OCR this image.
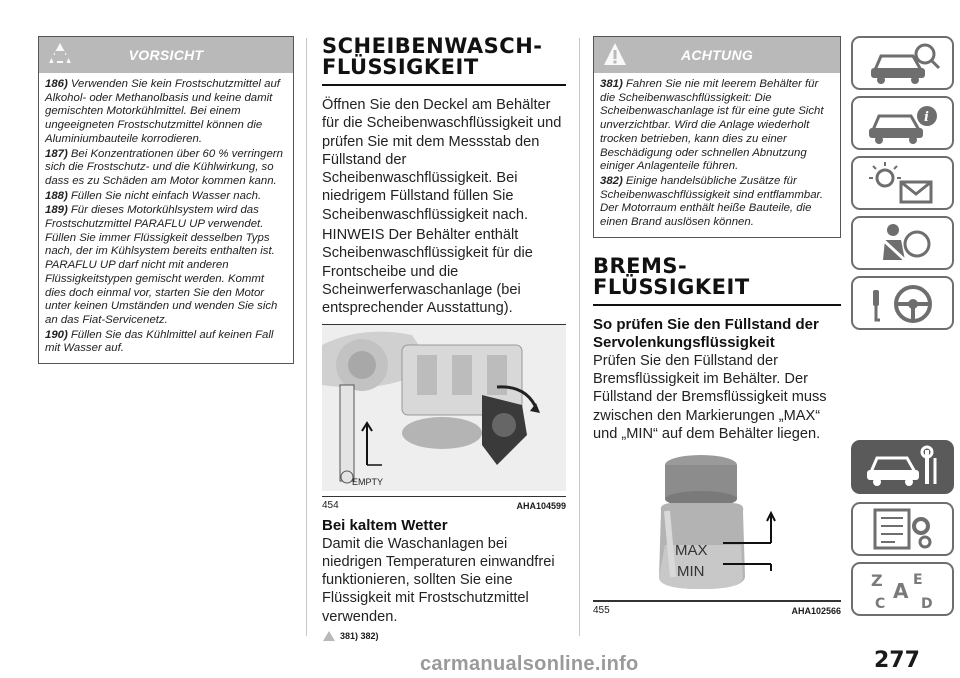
VORSICHT

186) Verwenden Sie kein Frostschutzmittel auf Alkohol- oder Methanolbasis und keine damit gemischten Motorkühlmittel. Bei einem ungeeigneten Frostschutzmittel können die Aluminiumbauteile korrodieren.

187) Bei Konzentrationen über 60 % verringern sich die Frostschutz- und die Kühlwirkung, so dass es zu Schäden am Motor kommen kann.

188) Füllen Sie nicht einfach Wasser nach.

189) Für dieses Motorkühlsystem wird das Frostschutzmittel PARAFLU UP verwendet. Füllen Sie immer Flüssigkeit desselben Typs nach, der im Kühlsystem bereits enthalten ist. PARAFLU UP darf nicht mit anderen Flüssigkeitstypen gemischt werden. Kommt dies doch einmal vor, starten Sie den Motor unter keinen Umständen und wenden Sie sich an das Fiat-Servicenetz.

190) Füllen Sie das Kühlmittel auf keinen Fall mit Wasser auf.

SCHEIBENWASCH-
FLÜSSIGKEIT

Öffnen Sie den Deckel am Behälter für die Scheibenwaschflüssigkeit und prüfen Sie mit dem Messstab den Füllstand der Scheibenwaschflüssigkeit. Bei niedrigem Füllstand füllen Sie Scheibenwaschflüssigkeit nach.

HINWEIS Der Behälter enthält Scheibenwaschflüssigkeit für die Frontscheibe und die Scheinwerferwaschanlage (bei entsprechender Ausstattung).

EMPTY
454	AHA104599
Bei kaltem Wetter
Damit die Waschanlagen bei niedrigen Temperaturen einwandfrei funktionieren, sollten Sie eine Flüssigkeit mit Frostschutzmittel verwenden.
381) 382)
ACHTUNG

381) Fahren Sie nie mit leerem Behälter für die Scheibenwaschflüssigkeit: Die Scheibenwaschanlage ist für eine gute Sicht unverzichtbar. Wird die Anlage wiederholt trocken betrieben, kann dies zu einer Beschädigung oder schnellen Abnutzung einiger Anlagenteile führen.

382) Einige handelsübliche Zusätze für Scheibenwaschflüssigkeit sind entflammbar. Der Motorraum enthält heiße Bauteile, die einen Brand auslösen können.

BREMS-
FLÜSSIGKEIT
So prüfen Sie den Füllstand der Servolenkungsflüssigkeit
Prüfen Sie den Füllstand der Bremsflüssigkeit im Behälter. Der Füllstand der Bremsflüssigkeit muss zwischen den Markierungen „MAX“ und „MIN“ auf dem Behälter liegen.
MAX
MIN
455	AHA102566
i
Z E
A
C	D
277
carmanualsonline.info
